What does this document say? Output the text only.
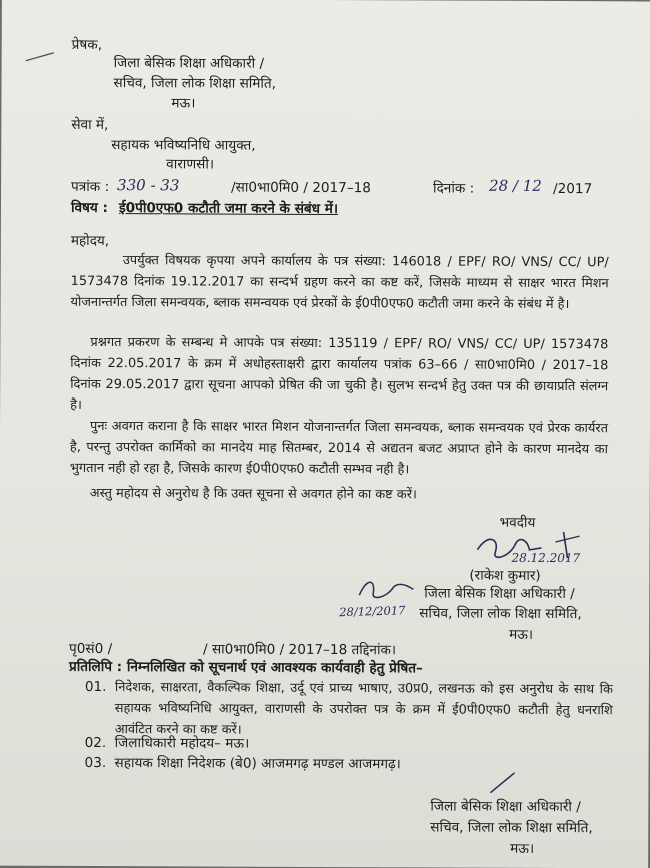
प्रेषक,
जिला बेसिक शिक्षा अधिकारी /
सचिव, जिला लोक शिक्षा समिति,
मऊ।
सेवा में,
सहायक भविष्यनिधि आयुक्त,
वाराणसी।
पत्रांक : 330 - 33	/सा0भा0मि0 / 2017–18	दिनांक : 28 / 12 /2017
विषय : ई0पी0एफ0 कटौती जमा करने के संबंध में।
महोदय,
उपर्युक्त विषयक कृपया अपने कार्यालय के पत्र संख्या: 146018 / EPF/ RO/ VNS/ CC/ UP/ 1573478 दिनांक 19.12.2017 का सन्दर्भ ग्रहण करने का कष्ट करें, जिसके माध्यम से साक्षर भारत मिशन योजनान्तर्गत जिला समन्वयक, ब्लाक समन्वयक एवं प्रेरकों के ई0पी0एफ0 कटौती जमा करने के संबंध में है।
प्रश्नगत प्रकरण के सम्बन्ध मे आपके पत्र संख्या: 135119 / EPF/ RO/ VNS/ CC/ UP/ 1573478 दिनांक 22.05.2017 के क्रम में अधोहस्ताक्षरी द्वारा कार्यालय पत्रांक 63–66 / सा0भा0मि0 / 2017–18 दिनांक 29.05.2017 द्वारा सूचना आपको प्रेषित की जा चुकी है। सुलभ सन्दर्भ हेतु उक्त पत्र की छायाप्रति संलग्न है।
पुनः अवगत कराना है कि साक्षर भारत मिशन योजनान्तर्गत जिला समन्वयक, ब्लाक समन्वयक एवं प्रेरक कार्यरत है, परन्तु उपरोक्त कार्मिको का मानदेय माह सितम्बर, 2014 से अद्यतन बजट अप्राप्त होने के कारण मानदेय का भुगतान नही हो रहा है, जिसके कारण ई0पी0एफ0 कटौती सम्भव नही है।
अस्तु महोदय से अनुरोध है कि उक्त सूचना से अवगत होने का कष्ट करें।
भवदीय
28.12.2017
(राकेश कुमार)
28/12/2017
जिला बेसिक शिक्षा अधिकारी /
सचिव, जिला लोक शिक्षा समिति,
मऊ।
पृ0सं0 /	/ सा0भा0मि0 / 2017–18 तद्दिनांक।
प्रतिलिपि : निम्नलिखित को सूचनार्थ एवं आवश्यक कार्यवाही हेतु प्रेषित–
01. निदेशक, साक्षरता, वैकल्पिक शिक्षा, उर्दू एवं प्राच्य भाषाए, उ0प्र0, लखनऊ को इस अनुरोध के साथ कि सहायक भविष्यनिधि आयुक्त, वाराणसी के उपरोक्त पत्र के क्रम में ई0पी0एफ0 कटौती हेतु धनराशि आवंटित करने का कष्ट करें।
02. जिलाधिकारी महोदय– मऊ।
03. सहायक शिक्षा निदेशक (बे0) आजमगढ़ मण्डल आजमगढ़।
जिला बेसिक शिक्षा अधिकारी /
सचिव, जिला लोक शिक्षा समिति,
मऊ।
